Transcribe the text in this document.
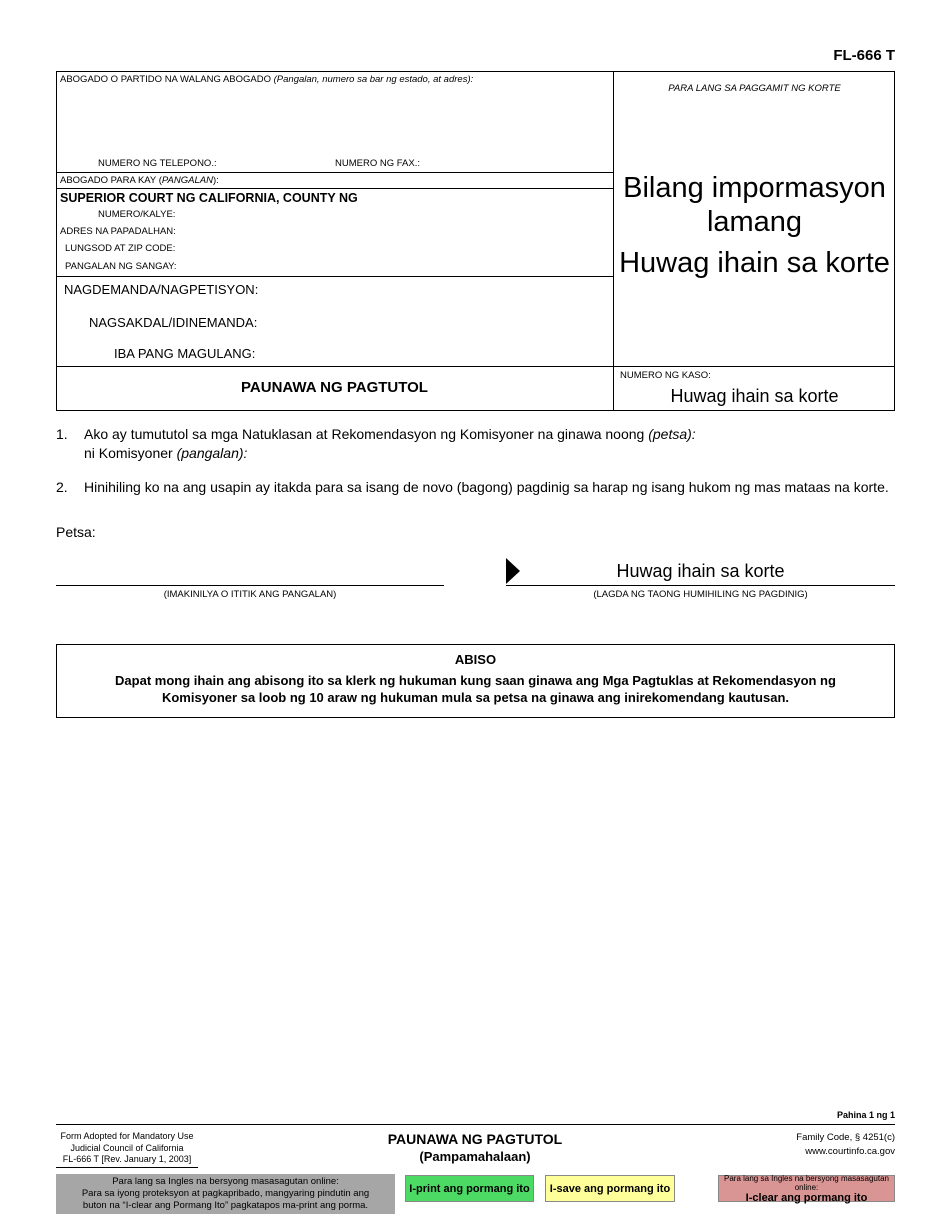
FL-666 T
ABOGADO O PARTIDO NA WALANG ABOGADO (Pangalan, numero sa bar ng estado, at adres):
PARA LANG SA PAGGAMIT NG KORTE
NUMERO NG TELEPONO.:	NUMERO NG FAX.:
ABOGADO PARA KAY (PANGALAN):
SUPERIOR COURT NG CALIFORNIA, COUNTY NG
NUMERO/KALYE:
ADRES NA PAPADALHAN:
LUNGSOD AT ZIP CODE:
PANGALAN NG SANGAY:
NAGDEMANDA/NAGPETISYON:
NAGSAKDAL/IDINEMANDA:
IBA PANG MAGULANG:
PAUNAWA NG PAGTUTOL
NUMERO NG KASO:
Huwag ihain sa korte
Bilang impormasyon
lamang
Huwag ihain sa korte
1. Ako ay tumututol sa mga Natuklasan at Rekomendasyon ng Komisyoner na ginawa noong (petsa):
ni Komisyoner (pangalan):
2. Hinihiling ko na ang usapin ay itakda para sa isang de novo (bagong) pagdinig sa harap ng isang hukom ng mas mataas na korte.
Petsa:
(IMAKINILYA O ITITIK ANG PANGALAN)
Huwag ihain sa korte
(LAGDA NG TAONG HUMIHILING NG PAGDINIG)
ABISO
Dapat mong ihain ang abisong ito sa klerk ng hukuman kung saan ginawa ang Mga Pagtuklas at Rekomendasyon ng
Komisyoner sa loob ng 10 araw ng hukuman mula sa petsa na ginawa ang inirekomendang kautusan.
Pahina 1 ng 1
Form Adopted for Mandatory Use
Judicial Council of California
FL-666 T [Rev. January 1, 2003]
PAUNAWA NG PAGTUTOL
(Pampamahalaan)
Family Code, § 4251(c)
www.courtinfo.ca.gov
Para lang sa Ingles na bersyong masasagutan online:
Para sa iyong proteksyon at pagkapribado, mangyaring pindutin ang
buton na “I-clear ang Pormang Ito” pagkatapos ma-print ang porma.
I-print ang pormang ito	I-save ang pormang ito
Para lang sa Ingles na bersyong masasagutan online:
I-clear ang pormang ito
